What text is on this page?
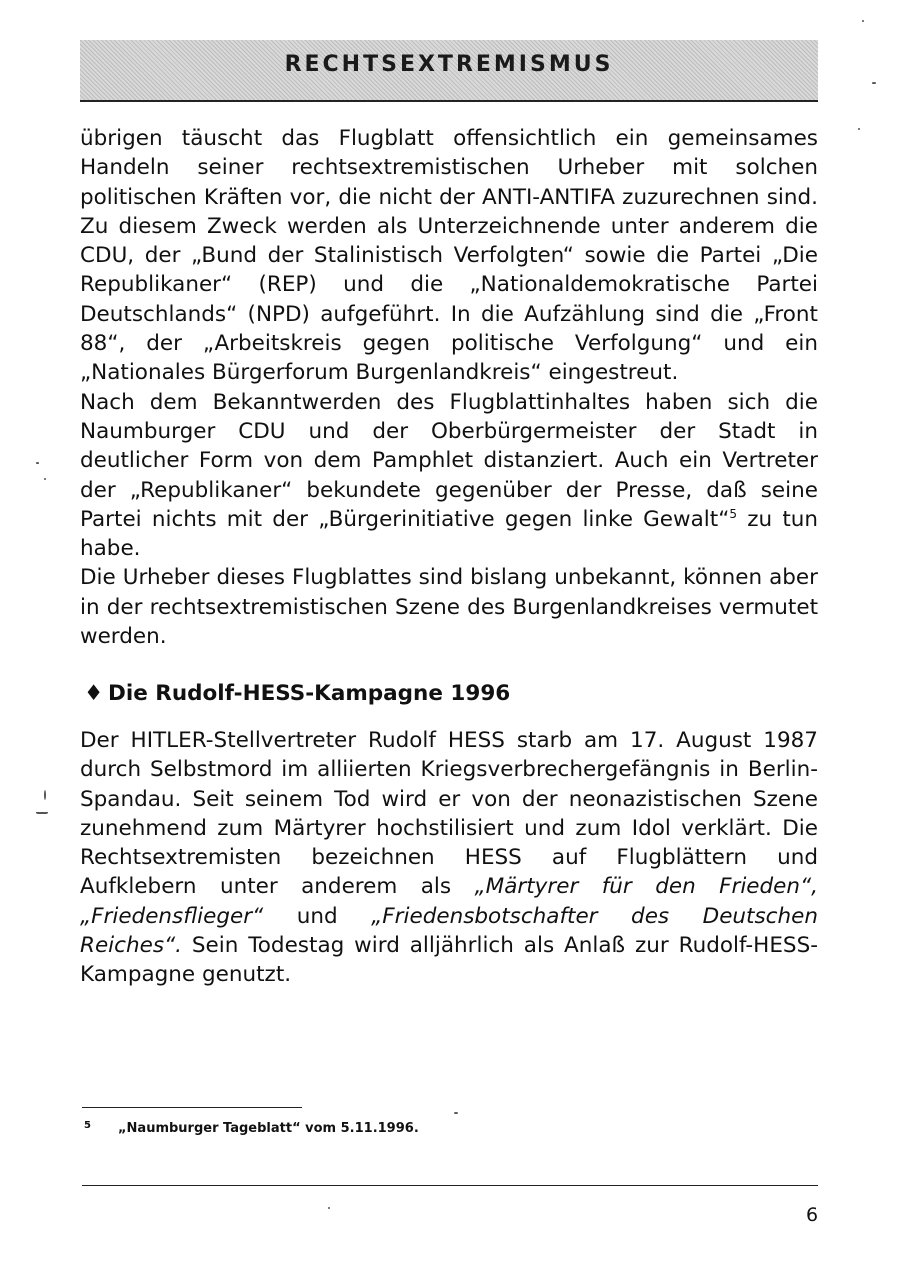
RECHTSEXTREMISMUS

übrigen täuscht das Flugblatt offensichtlich ein gemeinsames Handeln seiner rechtsextremistischen Urheber mit solchen politischen Kräften vor, die nicht der ANTI-ANTIFA zuzurechnen sind. Zu diesem Zweck werden als Unterzeichnende unter anderem die CDU, der „Bund der Stalinistisch Verfolgten“ sowie die Partei „Die Republikaner“ (REP) und die „Nationaldemokratische Partei Deutschlands“ (NPD) aufgeführt. In die Aufzählung sind die „Front 88“, der „Arbeitskreis gegen politische Verfolgung“ und ein „Nationales Bürgerforum Burgenlandkreis“ eingestreut.

Nach dem Bekanntwerden des Flugblattinhaltes haben sich die Naumburger CDU und der Oberbürgermeister der Stadt in deutlicher Form von dem Pamphlet distanziert. Auch ein Vertreter der „Republikaner“ bekundete gegenüber der Presse, daß seine Partei nichts mit der „Bürgerinitiative gegen linke Gewalt“$^5$ zu tun habe.

Die Urheber dieses Flugblattes sind bislang unbekannt, können aber in der rechtsextremistischen Szene des Burgenlandkreises vermutet werden.

♦ Die Rudolf-HESS-Kampagne 1996

Der HITLER-Stellvertreter Rudolf HESS starb am 17. August 1987 durch Selbstmord im alliierten Kriegsverbrechergefängnis in Berlin-Spandau. Seit seinem Tod wird er von der neonazistischen Szene zunehmend zum Märtyrer hochstilisiert und zum Idol verklärt. Die Rechtsextremisten bezeichnen HESS auf Flugblättern und Aufklebern unter anderem als „Märtyrer für den Frieden“, „Friedensflieger“ und „Friedensbotschafter des Deutschen Reiches“. Sein Todestag wird alljährlich als Anlaß zur Rudolf-HESS-Kampagne genutzt.

5 „Naumburger Tageblatt“ vom 5.11.1996.
6
